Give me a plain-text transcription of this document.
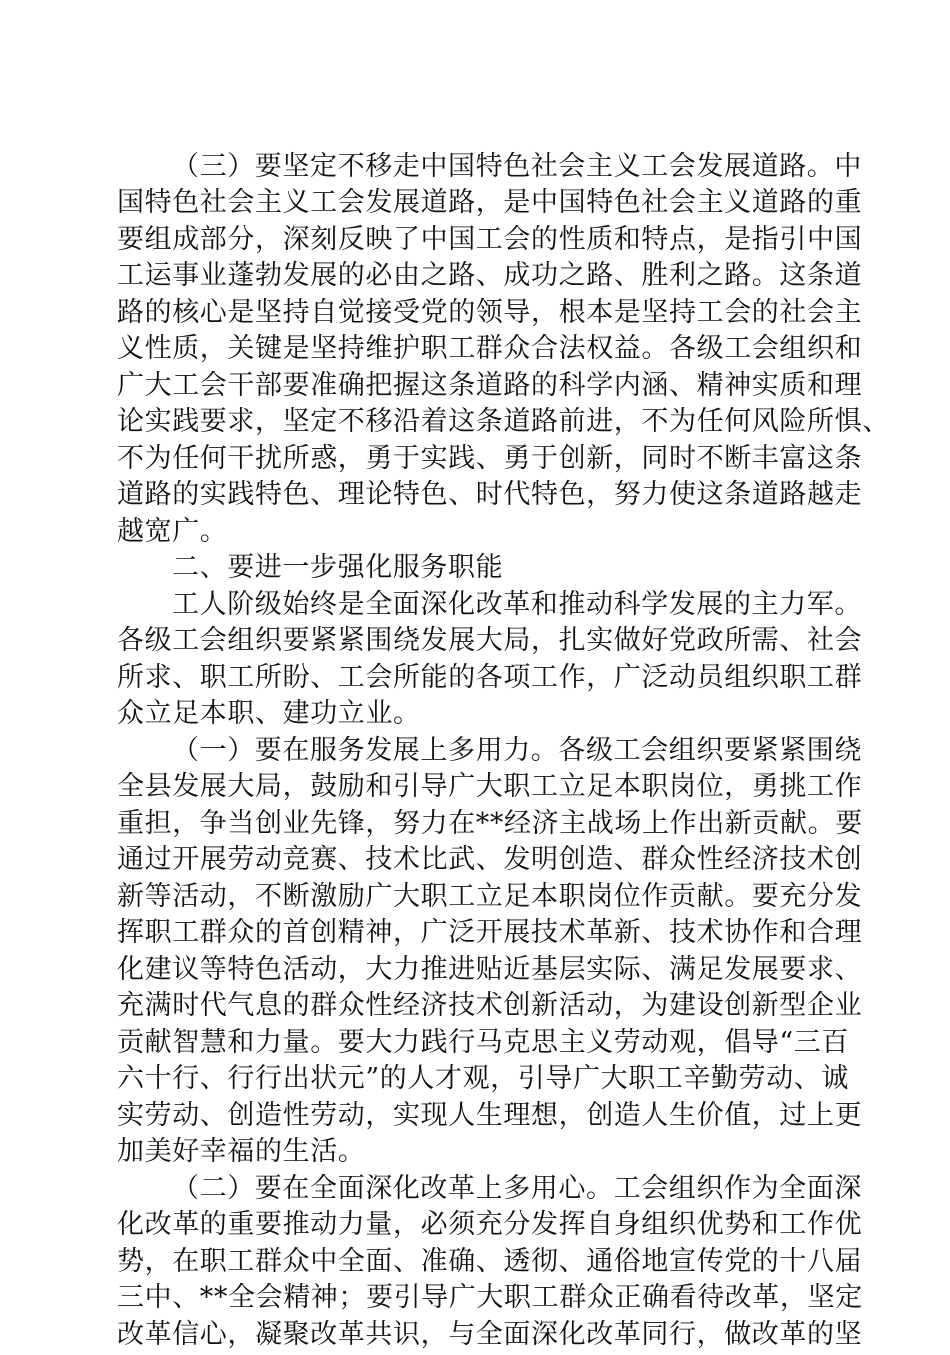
（三）要坚定不移走中国特色社会主义工会发展道路。中
国特色社会主义工会发展道路，是中国特色社会主义道路的重
要组成部分，深刻反映了中国工会的性质和特点，是指引中国
工运事业蓬勃发展的必由之路、成功之路、胜利之路。这条道
路的核心是坚持自觉接受党的领导，根本是坚持工会的社会主
义性质，关键是坚持维护职工群众合法权益。各级工会组织和
广大工会干部要准确把握这条道路的科学内涵、精神实质和理
论实践要求，坚定不移沿着这条道路前进，不为任何风险所惧、
不为任何干扰所惑，勇于实践、勇于创新，同时不断丰富这条
道路的实践特色、理论特色、时代特色，努力使这条道路越走
越宽广。
二、要进一步强化服务职能
工人阶级始终是全面深化改革和推动科学发展的主力军。
各级工会组织要紧紧围绕发展大局，扎实做好党政所需、社会
所求、职工所盼、工会所能的各项工作，广泛动员组织职工群
众立足本职、建功立业。
（一）要在服务发展上多用力。各级工会组织要紧紧围绕
全县发展大局，鼓励和引导广大职工立足本职岗位，勇挑工作
重担，争当创业先锋，努力在**经济主战场上作出新贡献。要
通过开展劳动竞赛、技术比武、发明创造、群众性经济技术创
新等活动，不断激励广大职工立足本职岗位作贡献。要充分发
挥职工群众的首创精神，广泛开展技术革新、技术协作和合理
化建议等特色活动，大力推进贴近基层实际、满足发展要求、
充满时代气息的群众性经济技术创新活动，为建设创新型企业
贡献智慧和力量。要大力践行马克思主义劳动观，倡导“三百
六十行、行行出状元”的人才观，引导广大职工辛勤劳动、诚
实劳动、创造性劳动，实现人生理想，创造人生价值，过上更
加美好幸福的生活。
（二）要在全面深化改革上多用心。工会组织作为全面深
化改革的重要推动力量，必须充分发挥自身组织优势和工作优
势，在职工群众中全面、准确、透彻、通俗地宣传党的十八届
三中、**全会精神；要引导广大职工群众正确看待改革，坚定
改革信心，凝聚改革共识，与全面深化改革同行，做改革的坚
